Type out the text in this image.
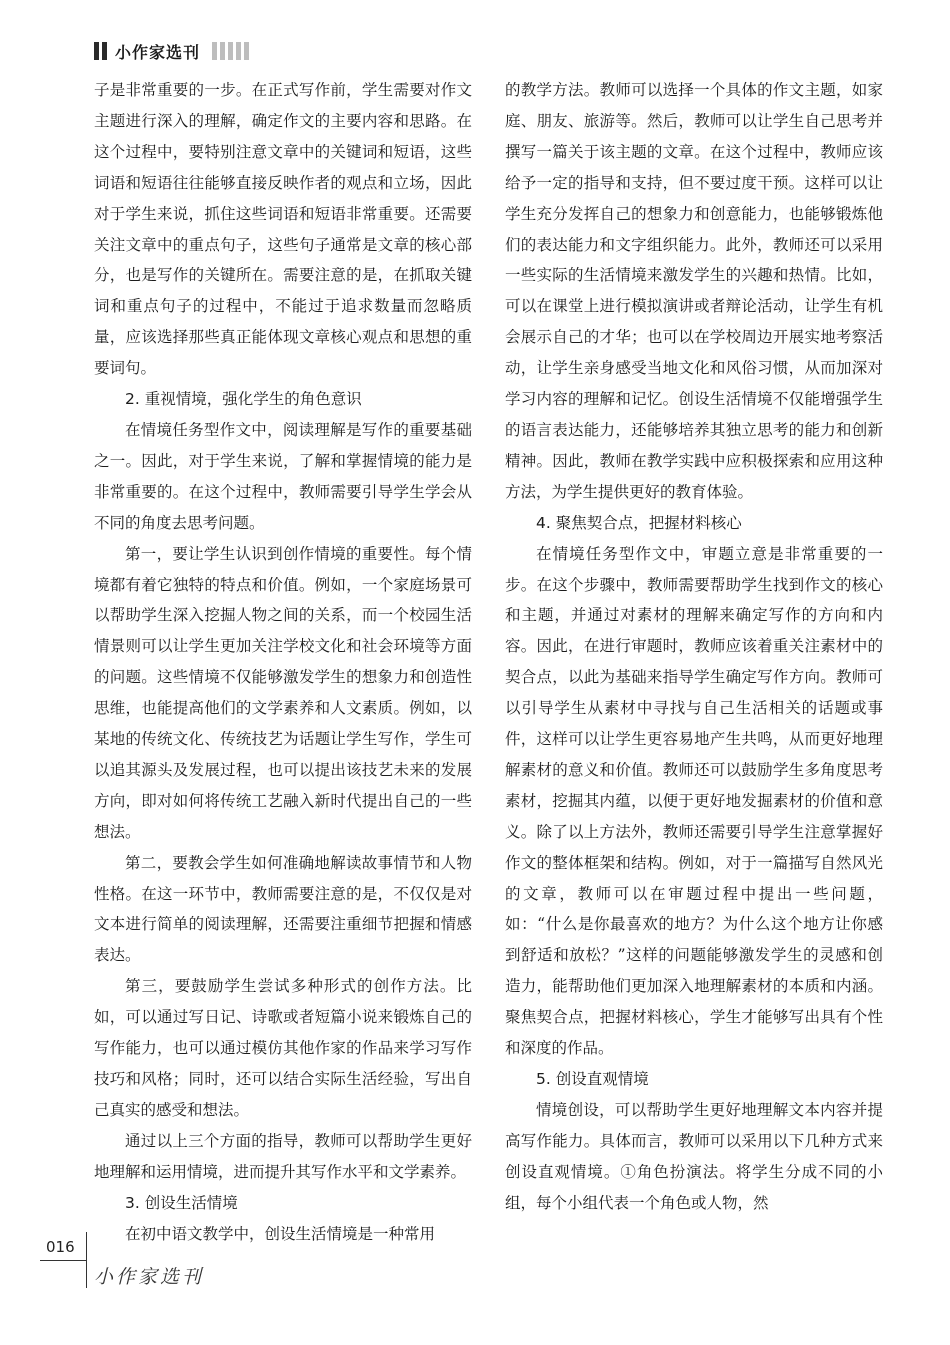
小作家选刊

子是非常重要的一步。在正式写作前，学生需要对作文主题进行深入的理解，确定作文的主要内容和思路。在这个过程中，要特别注意文章中的关键词和短语，这些词语和短语往往能够直接反映作者的观点和立场，因此对于学生来说，抓住这些词语和短语非常重要。还需要关注文章中的重点句子，这些句子通常是文章的核心部分，也是写作的关键所在。需要注意的是，在抓取关键词和重点句子的过程中，不能过于追求数量而忽略质量，应该选择那些真正能体现文章核心观点和思想的重要词句。

2. 重视情境，强化学生的角色意识

在情境任务型作文中，阅读理解是写作的重要基础之一。因此，对于学生来说，了解和掌握情境的能力是非常重要的。在这个过程中，教师需要引导学生学会从不同的角度去思考问题。

第一，要让学生认识到创作情境的重要性。每个情境都有着它独特的特点和价值。例如，一个家庭场景可以帮助学生深入挖掘人物之间的关系，而一个校园生活情景则可以让学生更加关注学校文化和社会环境等方面的问题。这些情境不仅能够激发学生的想象力和创造性思维，也能提高他们的文学素养和人文素质。例如，以某地的传统文化、传统技艺为话题让学生写作，学生可以追其源头及发展过程，也可以提出该技艺未来的发展方向，即对如何将传统工艺融入新时代提出自己的一些想法。

第二，要教会学生如何准确地解读故事情节和人物性格。在这一环节中，教师需要注意的是，不仅仅是对文本进行简单的阅读理解，还需要注重细节把握和情感表达。

第三，要鼓励学生尝试多种形式的创作方法。比如，可以通过写日记、诗歌或者短篇小说来锻炼自己的写作能力，也可以通过模仿其他作家的作品来学习写作技巧和风格；同时，还可以结合实际生活经验，写出自己真实的感受和想法。

通过以上三个方面的指导，教师可以帮助学生更好地理解和运用情境，进而提升其写作水平和文学素养。

3. 创设生活情境

在初中语文教学中，创设生活情境是一种常用

的教学方法。教师可以选择一个具体的作文主题，如家庭、朋友、旅游等。然后，教师可以让学生自己思考并撰写一篇关于该主题的文章。在这个过程中，教师应该给予一定的指导和支持，但不要过度干预。这样可以让学生充分发挥自己的想象力和创意能力，也能够锻炼他们的表达能力和文字组织能力。此外，教师还可以采用一些实际的生活情境来激发学生的兴趣和热情。比如，可以在课堂上进行模拟演讲或者辩论活动，让学生有机会展示自己的才华；也可以在学校周边开展实地考察活动，让学生亲身感受当地文化和风俗习惯，从而加深对学习内容的理解和记忆。创设生活情境不仅能增强学生的语言表达能力，还能够培养其独立思考的能力和创新精神。因此，教师在教学实践中应积极探索和应用这种方法，为学生提供更好的教育体验。

4. 聚焦契合点，把握材料核心

在情境任务型作文中，审题立意是非常重要的一步。在这个步骤中，教师需要帮助学生找到作文的核心和主题，并通过对素材的理解来确定写作的方向和内容。因此，在进行审题时，教师应该着重关注素材中的契合点，以此为基础来指导学生确定写作方向。教师可以引导学生从素材中寻找与自己生活相关的话题或事件，这样可以让学生更容易地产生共鸣，从而更好地理解素材的意义和价值。教师还可以鼓励学生多角度思考素材，挖掘其内蕴，以便于更好地发掘素材的价值和意义。除了以上方法外，教师还需要引导学生注意掌握好作文的整体框架和结构。例如，对于一篇描写自然风光的文章，教师可以在审题过程中提出一些问题，如：“什么是你最喜欢的地方？为什么这个地方让你感到舒适和放松？”这样的问题能够激发学生的灵感和创造力，能帮助他们更加深入地理解素材的本质和内涵。聚焦契合点，把握材料核心，学生才能够写出具有个性和深度的作品。

5. 创设直观情境

情境创设，可以帮助学生更好地理解文本内容并提高写作能力。具体而言，教师可以采用以下几种方式来创设直观情境。①角色扮演法。将学生分成不同的小组，每个小组代表一个角色或人物，然

016
小作家选刊
